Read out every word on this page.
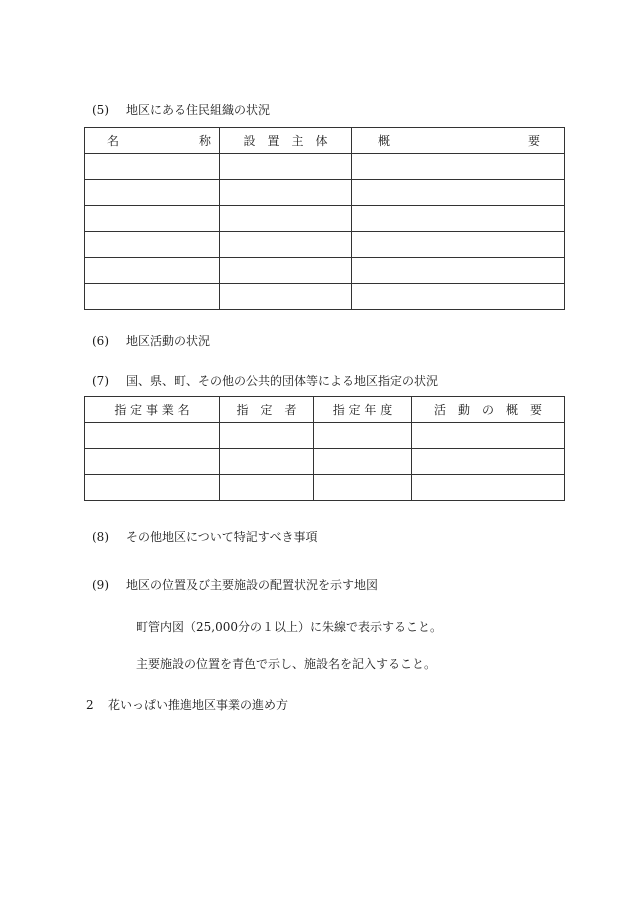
(5) 地区にある住民組織の状況
名 称	設　置　主　体	概 要

(6) 地区活動の状況
(7) 国、県、町、その他の公共的団体等による地区指定の状況
指 定 事 業 名	指　定　者	指 定 年 度	活　動　の　概　要

(8) その他地区について特記すべき事項
(9) 地区の位置及び主要施設の配置状況を示す地図
町管内図（25,000分の１以上）に朱線で表示すること。
主要施設の位置を青色で示し、施設名を記入すること。
2 花いっぱい推進地区事業の進め方
